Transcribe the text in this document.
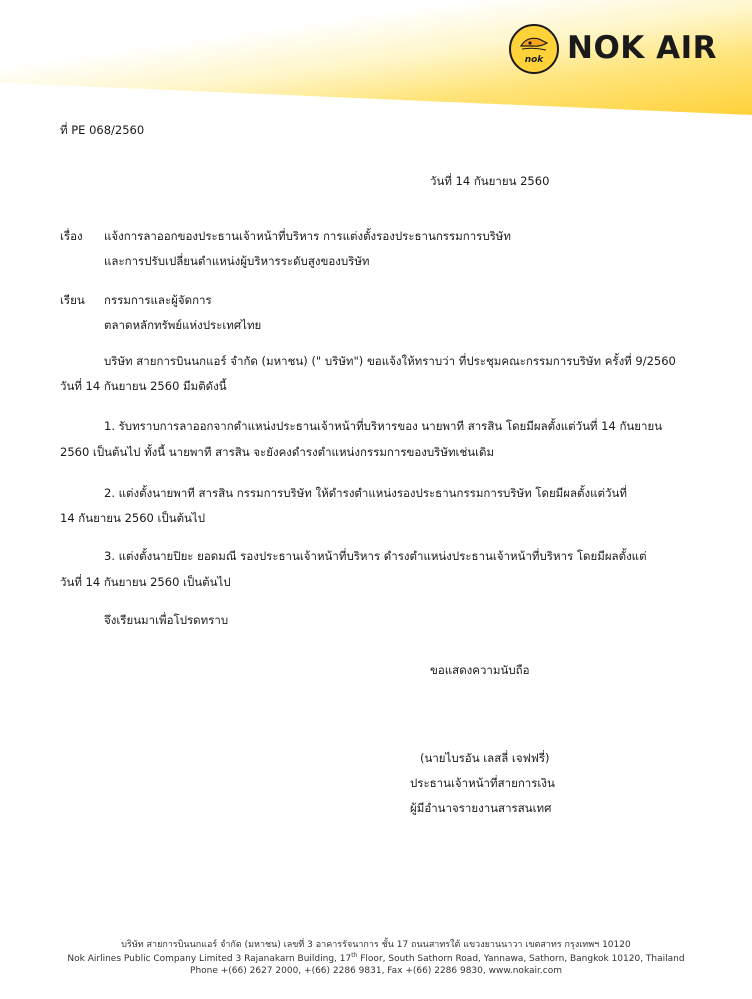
nok NOK AIR
ที่ PE 068/2560
วันที่ 14 กันยายน 2560
เรื่อง แจ้งการลาออกของประธานเจ้าหน้าที่บริหาร การแต่งตั้งรองประธานกรรมการบริษัท
และการปรับเปลี่ยนตำแหน่งผู้บริหารระดับสูงของบริษัท
เรียน กรรมการและผู้จัดการ
ตลาดหลักทรัพย์แห่งประเทศไทย
บริษัท สายการบินนกแอร์ จำกัด (มหาชน) (" บริษัท") ขอแจ้งให้ทราบว่า ที่ประชุมคณะกรรมการบริษัท ครั้งที่ 9/2560
วันที่ 14 กันยายน 2560 มีมติดังนี้
1. รับทราบการลาออกจากตำแหน่งประธานเจ้าหน้าที่บริหารของ นายพาที สารสิน โดยมีผลตั้งแต่วันที่ 14 กันยายน
2560 เป็นต้นไป ทั้งนี้ นายพาที สารสิน จะยังคงดำรงตำแหน่งกรรมการของบริษัทเช่นเดิม
2. แต่งตั้งนายพาที สารสิน กรรมการบริษัท ให้ดำรงตำแหน่งรองประธานกรรมการบริษัท โดยมีผลตั้งแต่วันที่
14 กันยายน 2560 เป็นต้นไป
3. แต่งตั้งนายปิยะ ยอดมณี รองประธานเจ้าหน้าที่บริหาร ดำรงตำแหน่งประธานเจ้าหน้าที่บริหาร โดยมีผลตั้งแต่
วันที่ 14 กันยายน 2560 เป็นต้นไป
จึงเรียนมาเพื่อโปรดทราบ
ขอแสดงความนับถือ
(นายไบรอัน เลสลี่ เจฟฟรี่)
ประธานเจ้าหน้าที่สายการเงิน
ผู้มีอำนาจรายงานสารสนเทศ
บริษัท สายการบินนกแอร์ จำกัด (มหาชน) เลขที่ 3 อาคารรัจนาการ ชั้น 17 ถนนสาทรใต้ แขวงยานนาวา เขตสาทร กรุงเทพฯ 10120
Nok Airlines Public Company Limited 3 Rajanakarn Building, 17th Floor, South Sathorn Road, Yannawa, Sathorn, Bangkok 10120, Thailand
Phone +(66) 2627 2000, +(66) 2286 9831, Fax +(66) 2286 9830, www.nokair.com
